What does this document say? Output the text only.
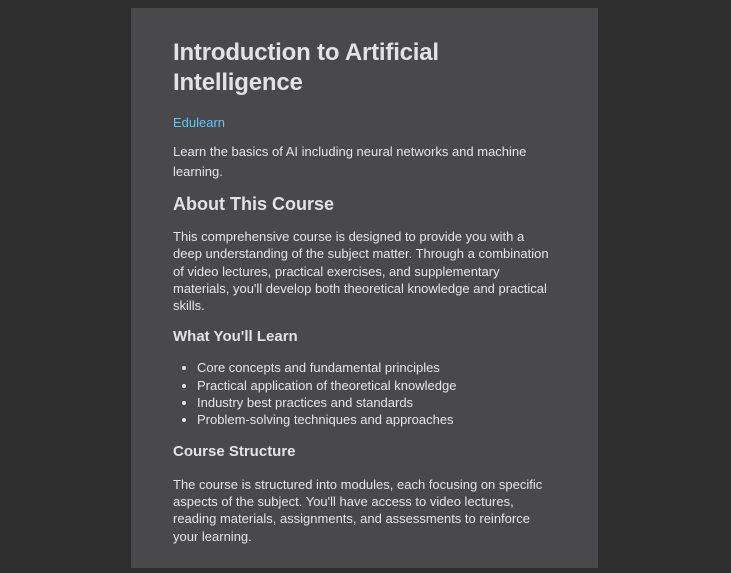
Introduction to Artificial Intelligence
Edulearn

Learn the basics of AI including neural networks and machine learning.

About This Course

This comprehensive course is designed to provide you with a deep understanding of the subject matter. Through a combination of video lectures, practical exercises, and supplementary materials, you'll develop both theoretical knowledge and practical skills.

What You'll Learn
• Core concepts and fundamental principles
• Practical application of theoretical knowledge
• Industry best practices and standards
• Problem-solving techniques and approaches
Course Structure

The course is structured into modules, each focusing on specific aspects of the subject. You'll have access to video lectures, reading materials, assignments, and assessments to reinforce your learning.
